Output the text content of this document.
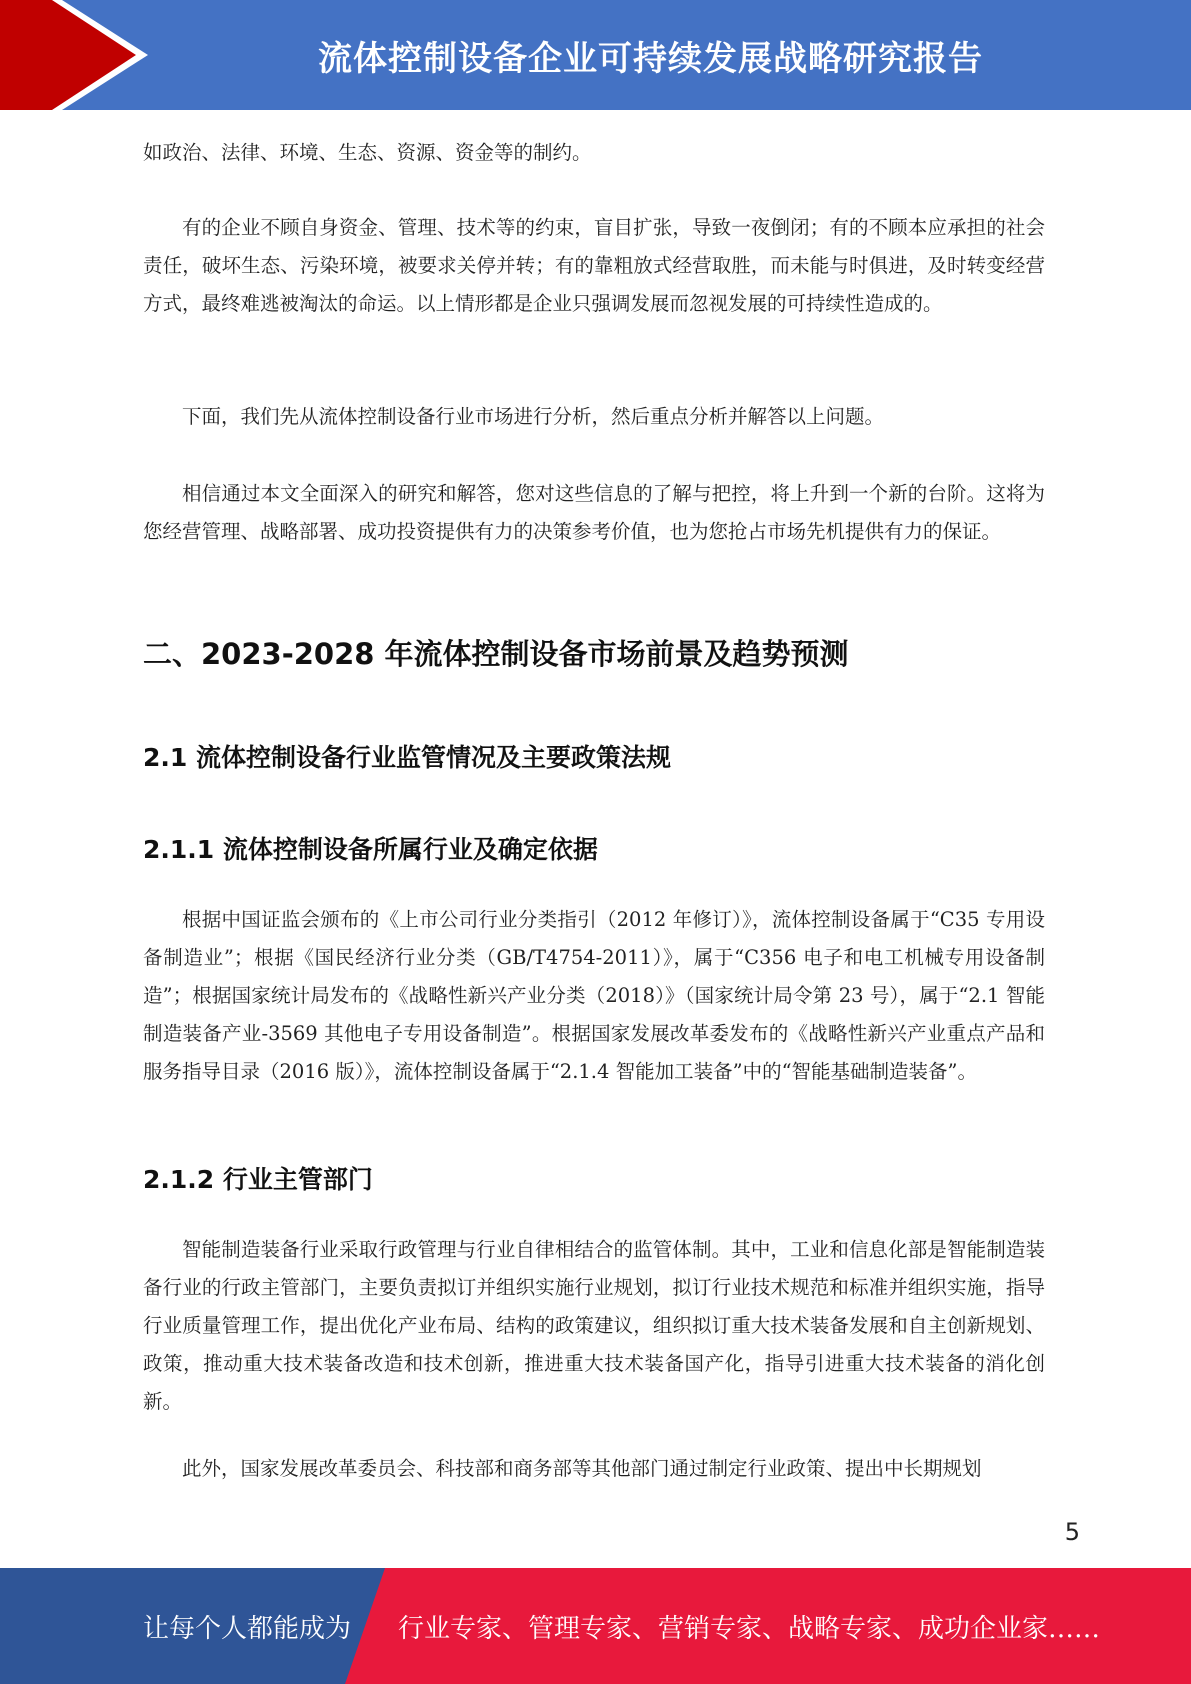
流体控制设备企业可持续发展战略研究报告

如政治、法律、环境、生态、资源、资金等的制约。

有的企业不顾自身资金、管理、技术等的约束，盲目扩张，导致一夜倒闭；有的不顾本应承担的社会责任，破坏生态、污染环境，被要求关停并转；有的靠粗放式经营取胜，而未能与时俱进，及时转变经营方式，最终难逃被淘汰的命运。以上情形都是企业只强调发展而忽视发展的可持续性造成的。

下面，我们先从流体控制设备行业市场进行分析，然后重点分析并解答以上问题。

相信通过本文全面深入的研究和解答，您对这些信息的了解与把控，将上升到一个新的台阶。这将为您经营管理、战略部署、成功投资提供有力的决策参考价值，也为您抢占市场先机提供有力的保证。

二、2023-2028 年流体控制设备市场前景及趋势预测
2.1 流体控制设备行业监管情况及主要政策法规
2.1.1 流体控制设备所属行业及确定依据

根据中国证监会颁布的《上市公司行业分类指引（2012 年修订）》，流体控制设备属于“C35 专用设备制造业”；根据《国民经济行业分类（GB/T4754-2011）》，属于“C356 电子和电工机械专用设备制造”；根据国家统计局发布的《战略性新兴产业分类（2018）》（国家统计局令第 23 号），属于“2.1 智能制造装备产业-3569 其他电子专用设备制造”。根据国家发展改革委发布的《战略性新兴产业重点产品和服务指导目录（2016 版）》，流体控制设备属于“2.1.4 智能加工装备”中的“智能基础制造装备”。

2.1.2 行业主管部门

智能制造装备行业采取行政管理与行业自律相结合的监管体制。其中，工业和信息化部是智能制造装备行业的行政主管部门，主要负责拟订并组织实施行业规划，拟订行业技术规范和标准并组织实施，指导行业质量管理工作，提出优化产业布局、结构的政策建议，组织拟订重大技术装备发展和自主创新规划、政策，推动重大技术装备改造和技术创新，推进重大技术装备国产化，指导引进重大技术装备的消化创新。

此外，国家发展改革委员会、科技部和商务部等其他部门通过制定行业政策、提出中长期规划

5
让每个人都能成为 行业专家、管理专家、营销专家、战略专家、成功企业家……
